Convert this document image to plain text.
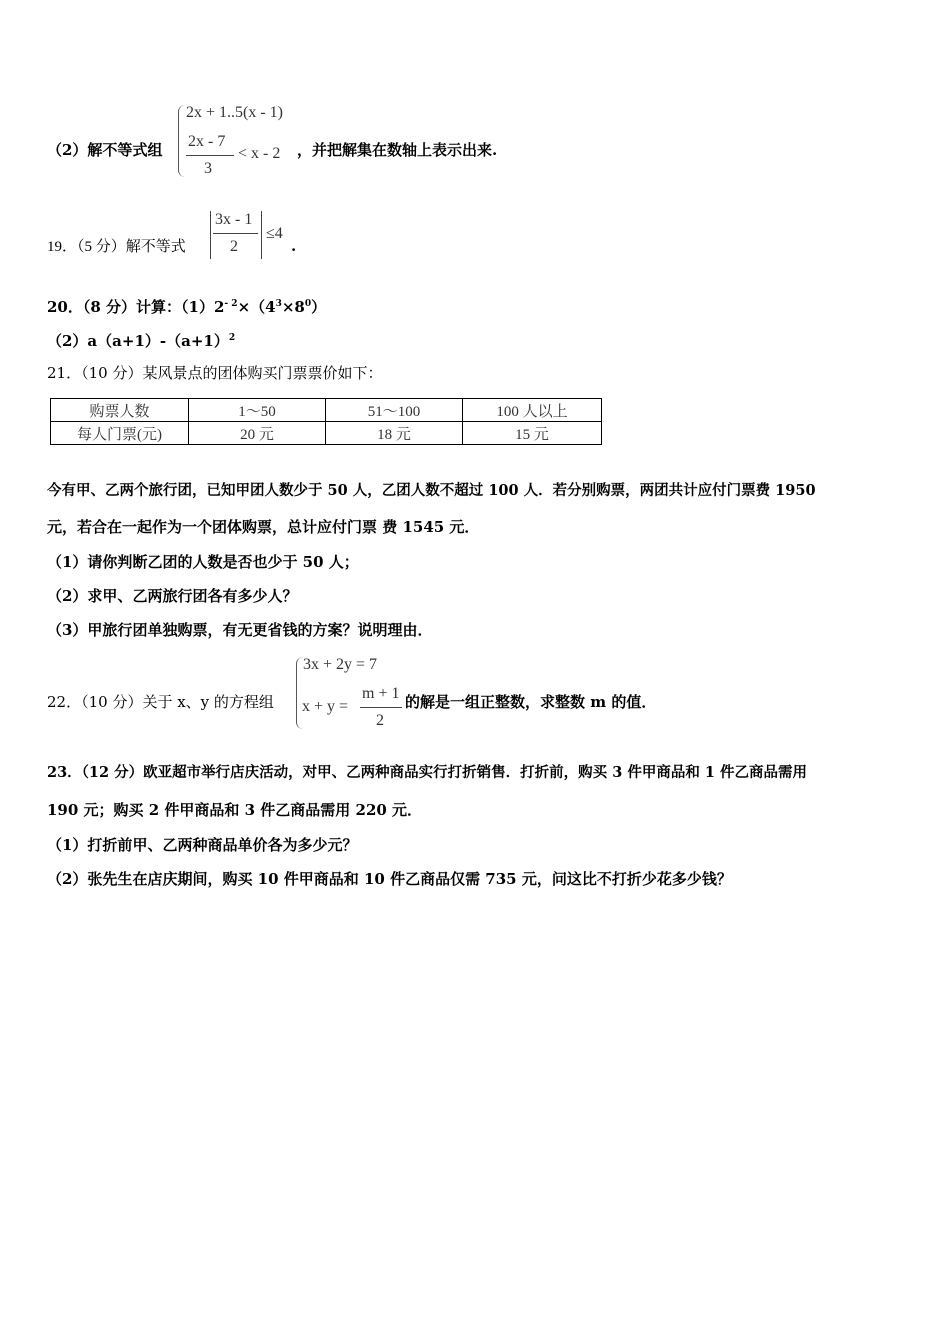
（2）解不等式组
2x + 1..5(x - 1)
2x - 7
3
< x - 2 ，并把解集在数轴上表示出来.
19．（5 分）解不等式
3x - 1
2
≤4
.
20．（8 分）计算：$(1)2^{- 2}\times(4^3\times 8^0)$
$(2)a(a+1)-(a+1)^2$
21．（10 分）某风景点的团体购买门票票价如下：
购票人数	1～50	51～100	100 人以上
每人门票(元)	20 元	18 元	15 元
今有甲、乙两个旅行团，已知甲团人数少于 50 人，乙团人数不超过 100 人．若分别购票，两团共计应付门票费 1950
元，若合在一起作为一个团体购票，总计应付门票 费 1545 元．
（1）请你判断乙团的人数是否也少于 50 人；
（2）求甲、乙两旅行团各有多少人？
（3）甲旅行团单独购票，有无更省钱的方案？说明理由．
22．（10 分）关于 x、y 的方程组
3x + 2y = 7
x + y =
m + 1
2
的解是一组正整数，求整数 m 的值．
23．（12 分）欧亚超市举行店庆活动，对甲、乙两种商品实行打折销售．打折前，购买 3 件甲商品和 1 件乙商品需用
190 元；购买 2 件甲商品和 3 件乙商品需用 220 元．
（1）打折前甲、乙两种商品单价各为多少元？
（2）张先生在店庆期间，购买 10 件甲商品和 10 件乙商品仅需 735 元，问这比不打折少花多少钱？
